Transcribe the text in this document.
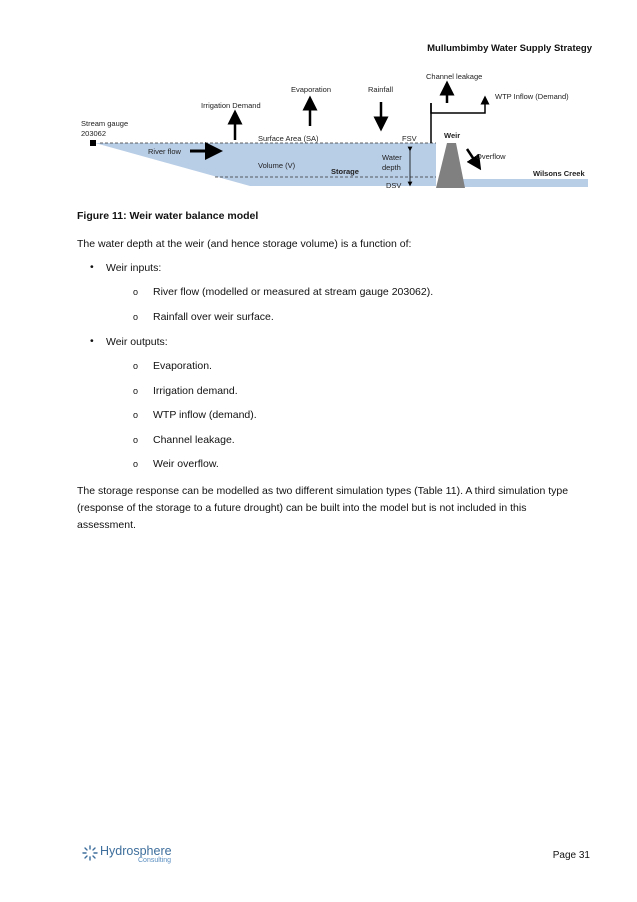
Mullumbimby Water Supply Strategy
Stream gauge
203062
Irrigation Demand
Evaporation	Rainfall
Channel leakage
WTP Inflow (Demand)
River flow
Surface Area (SA)	FSV	Weir
Overflow
Volume (V)
Storage
Water
depth
Wilsons Creek
DSV
Figure 11: Weir water balance model
The water depth at the weir (and hence storage volume) is a function of:
• Weir inputs:
o River flow (modelled or measured at stream gauge 203062).
o Rainfall over weir surface.
• Weir outputs:
o Evaporation.
o Irrigation demand.
o WTP inflow (demand).
o Channel leakage.
o Weir overflow.
The storage response can be modelled as two different simulation types (Table 11). A third simulation type
(response of the storage to a future drought) can be built into the model but is not included in this
assessment.
Hydrosphere
Consulting	Page 31
